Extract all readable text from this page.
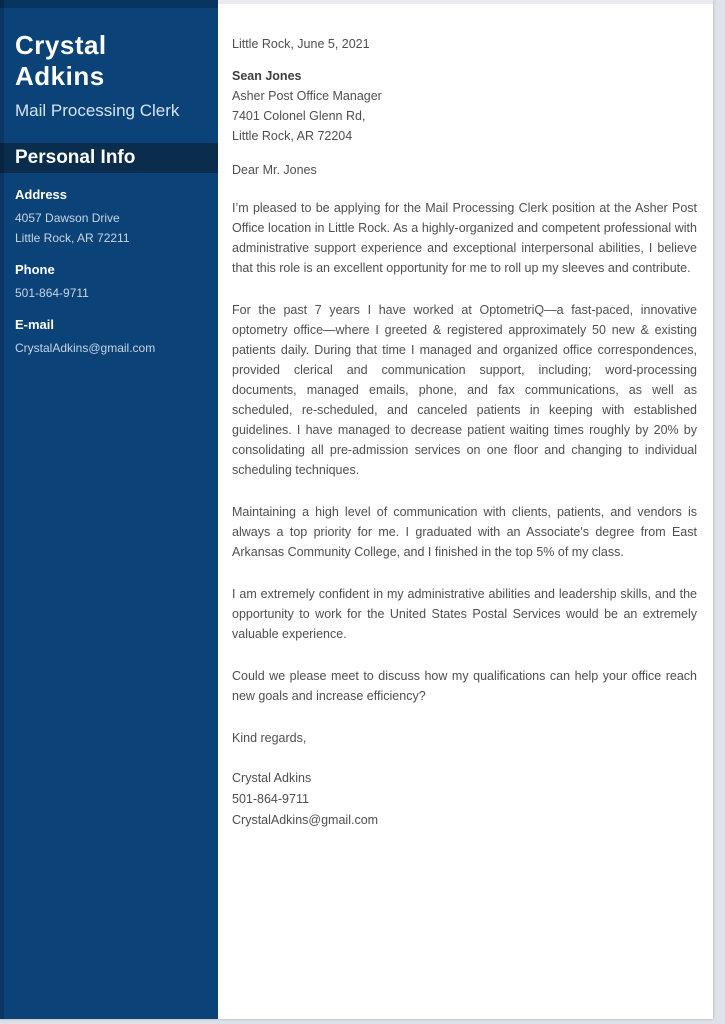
Crystal Adkins
Mail Processing Clerk
Personal Info
Address
4057 Dawson Drive
Little Rock, AR 72211
Phone
501-864-9711
E-mail
CrystalAdkins@gmail.com
Little Rock, June 5, 2021
Sean Jones
Asher Post Office Manager
7401 Colonel Glenn Rd,
Little Rock, AR 72204
Dear Mr. Jones

I’m pleased to be applying for the Mail Processing Clerk position at the Asher Post Office location in Little Rock. As a highly-organized and competent professional with administrative support experience and exceptional interpersonal abilities, I believe that this role is an excellent opportunity for me to roll up my sleeves and contribute.

For the past 7 years I have worked at OptometriQ—a fast-paced, innovative optometry office—where I greeted & registered approximately 50 new & existing patients daily. During that time I managed and organized office correspondences, provided clerical and communication support, including; word-processing documents, managed emails, phone, and fax communications, as well as scheduled, re-scheduled, and canceled patients in keeping with established guidelines. I have managed to decrease patient waiting times roughly by 20% by consolidating all pre-admission services on one floor and changing to individual scheduling techniques.

Maintaining a high level of communication with clients, patients, and vendors is always a top priority for me. I graduated with an Associate's degree from East Arkansas Community College, and I finished in the top 5% of my class.

I am extremely confident in my administrative abilities and leadership skills, and the opportunity to work for the United States Postal Services would be an extremely valuable experience.

Could we please meet to discuss how my qualifications can help your office reach new goals and increase efficiency?

Kind regards,
Crystal Adkins
501-864-9711
CrystalAdkins@gmail.com
